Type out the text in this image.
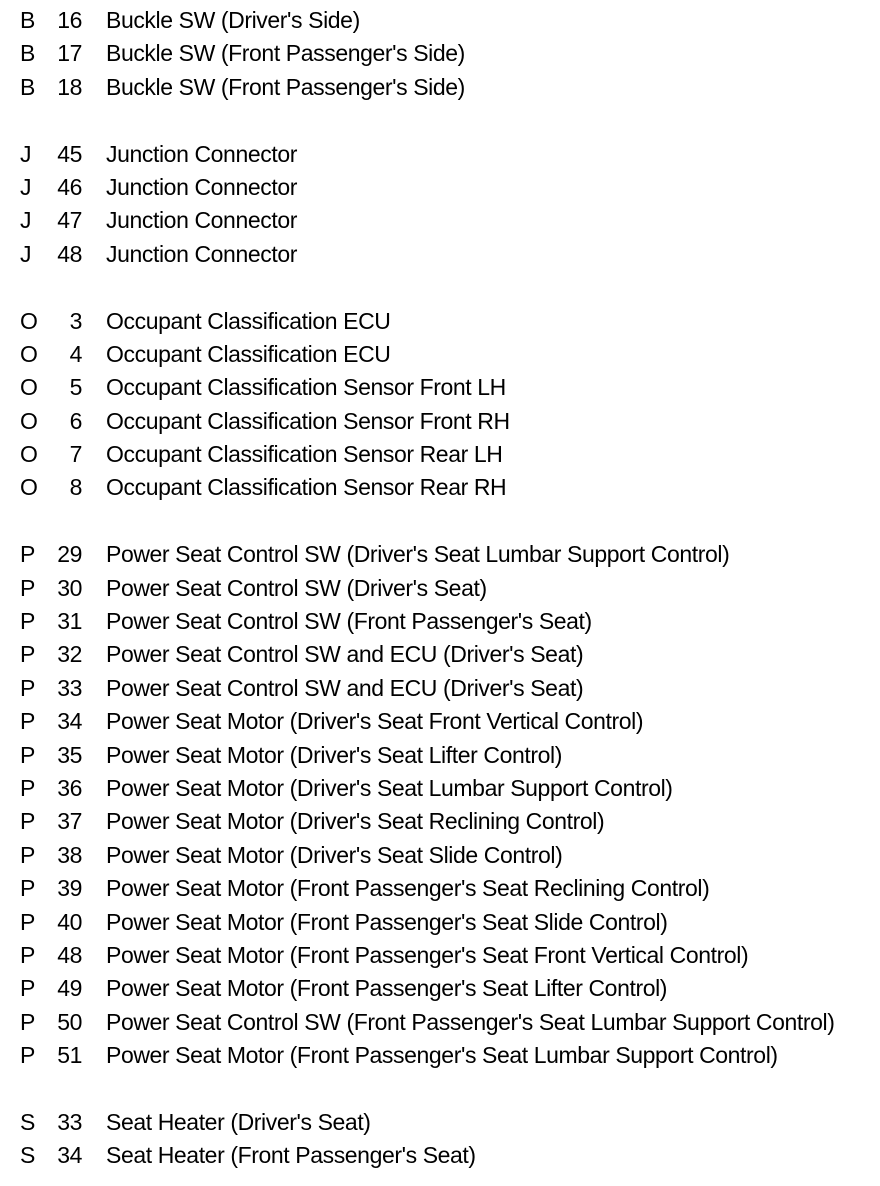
B 16 Buckle SW (Driver's Side)
B 17 Buckle SW (Front Passenger's Side)
B 18 Buckle SW (Front Passenger's Side)
J	45 Junction Connector
J	46 Junction Connector
J	47 Junction Connector
J	48 Junction Connector
O	3 Occupant Classification ECU
O	4 Occupant Classification ECU
O	5 Occupant Classification Sensor Front LH
O	6 Occupant Classification Sensor Front RH
O	7 Occupant Classification Sensor Rear LH
O	8 Occupant Classification Sensor Rear RH
P 29 Power Seat Control SW (Driver's Seat Lumbar Support Control)
P 30 Power Seat Control SW (Driver's Seat)
P 31 Power Seat Control SW (Front Passenger's Seat)
P 32 Power Seat Control SW and ECU (Driver's Seat)
P 33 Power Seat Control SW and ECU (Driver's Seat)
P 34 Power Seat Motor (Driver's Seat Front Vertical Control)
P 35 Power Seat Motor (Driver's Seat Lifter Control)
P 36 Power Seat Motor (Driver's Seat Lumbar Support Control)
P 37 Power Seat Motor (Driver's Seat Reclining Control)
P 38 Power Seat Motor (Driver's Seat Slide Control)
P 39 Power Seat Motor (Front Passenger's Seat Reclining Control)
P 40 Power Seat Motor (Front Passenger's Seat Slide Control)
P 48 Power Seat Motor (Front Passenger's Seat Front Vertical Control)
P 49 Power Seat Motor (Front Passenger's Seat Lifter Control)
P 50 Power Seat Control SW (Front Passenger's Seat Lumbar Support Control)
P 51 Power Seat Motor (Front Passenger's Seat Lumbar Support Control)
S 33 Seat Heater (Driver's Seat)
S 34 Seat Heater (Front Passenger's Seat)
